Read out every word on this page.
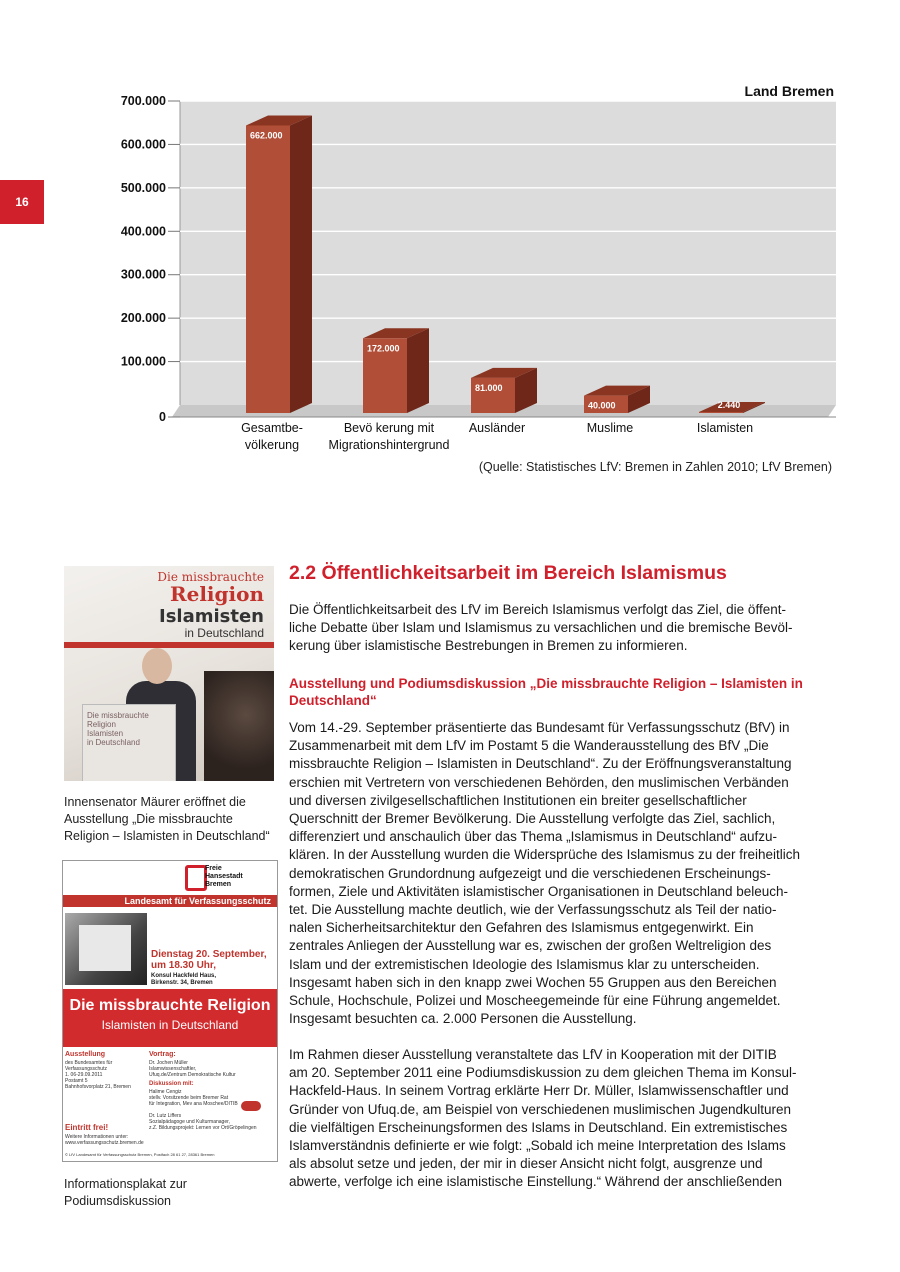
16
0
100.000
200.000
300.000
400.000
500.000
600.000
700.000
662.000
172.000
81.000
40.000	2.440
Gesamtbe-
völkerung
Bevö kerung mit
Migrationshintergrund
Ausländer	Muslime	Islamisten
Land Bremen
(Quelle: Statistisches LfV: Bremen in Zahlen 2010; LfV Bremen)
Die missbrauchte
Religion
Islamisten
in Deutschland
Die missbrauchte
Religion
Islamisten
in Deutschland
Innensenator Mäurer eröffnet die
Ausstellung „Die missbrauchte
Religion – Islamisten in Deutschland“
Freie
Hansestadt
Bremen
Landesamt für Verfassungsschutz
Dienstag 20. September,
um 18.30 Uhr,
Konsul Hackfeld Haus,
Birkenstr. 34, Bremen
Die missbrauchte Religion
Islamisten in Deutschland
Ausstellung
des Bundesamtes für
Verfassungsschutz
1. 06-29.09.2011
Postamt 5
Bahnhofsvorplatz 21, Bremen
Vortrag:
Dr. Jochen Müller
Islamwissenschaftler,
Ufuq.de/Zentrum Demokratische Kultur
Diskussion mit:
Halime Cengiz
stellv. Vorsitzende beim Bremer Rat
für Integration, Mev ana Moschee/DITIB
Dr. Lutz Liffers
Sozialpädagoge und Kulturmanager,
z.Z. Bildungsprojekt: Lernen vor Ort/Gröpelingen
Eintritt frei!
Weitere Informationen unter:
www.verfassungsschutz.bremen.de
© LfV Landesamt für Verfassungsschutz Bremen, Postfach 28 61 27, 28361 Bremen
Informationsplakat zur
Podiumsdiskussion
2.2 Öffentlichkeitsarbeit im Bereich Islamismus
Die Öffentlichkeitsarbeit des LfV im Bereich Islamismus verfolgt das Ziel, die öffent-
liche Debatte über Islam und Islamismus zu versachlichen und die bremische Bevöl-
kerung über islamistische Bestrebungen in Bremen zu informieren.
Ausstellung und Podiumsdiskussion „Die missbrauchte Religion – Islamisten in Deutschland“
Vom 14.-29. September präsentierte das Bundesamt für Verfassungsschutz (BfV) in
Zusammenarbeit mit dem LfV im Postamt 5 die Wanderausstellung des BfV „Die
missbrauchte Religion – Islamisten in Deutschland“. Zu der Eröffnungsveranstaltung
erschien mit Vertretern von verschiedenen Behörden, den muslimischen Verbänden
und diversen zivilgesellschaftlichen Institutionen ein breiter gesellschaftlicher
Querschnitt der Bremer Bevölkerung. Die Ausstellung verfolgte das Ziel, sachlich,
differenziert und anschaulich über das Thema „Islamismus in Deutschland“ aufzu-
klären. In der Ausstellung wurden die Widersprüche des Islamismus zu der freiheitlich
demokratischen Grundordnung aufgezeigt und die verschiedenen Erscheinungs-
formen, Ziele und Aktivitäten islamistischer Organisationen in Deutschland beleuch-
tet. Die Ausstellung machte deutlich, wie der Verfassungsschutz als Teil der natio-
nalen Sicherheitsarchitektur den Gefahren des Islamismus entgegenwirkt. Ein
zentrales Anliegen der Ausstellung war es, zwischen der großen Weltreligion des
Islam und der extremistischen Ideologie des Islamismus klar zu unterscheiden.
Insgesamt haben sich in den knapp zwei Wochen 55 Gruppen aus den Bereichen
Schule, Hochschule, Polizei und Moscheegemeinde für eine Führung angemeldet.
Insgesamt besuchten ca. 2.000 Personen die Ausstellung.
Im Rahmen dieser Ausstellung veranstaltete das LfV in Kooperation mit der DITIB
am 20. September 2011 eine Podiumsdiskussion zu dem gleichen Thema im Konsul-
Hackfeld-Haus. In seinem Vortrag erklärte Herr Dr. Müller, Islamwissenschaftler und
Gründer von Ufuq.de, am Beispiel von verschiedenen muslimischen Jugendkulturen
die vielfältigen Erscheinungsformen des Islams in Deutschland. Ein extremistisches
Islamverständnis definierte er wie folgt: „Sobald ich meine Interpretation des Islams
als absolut setze und jeden, der mir in dieser Ansicht nicht folgt, ausgrenze und
abwerte, verfolge ich eine islamistische Einstellung.“ Während der anschließenden
